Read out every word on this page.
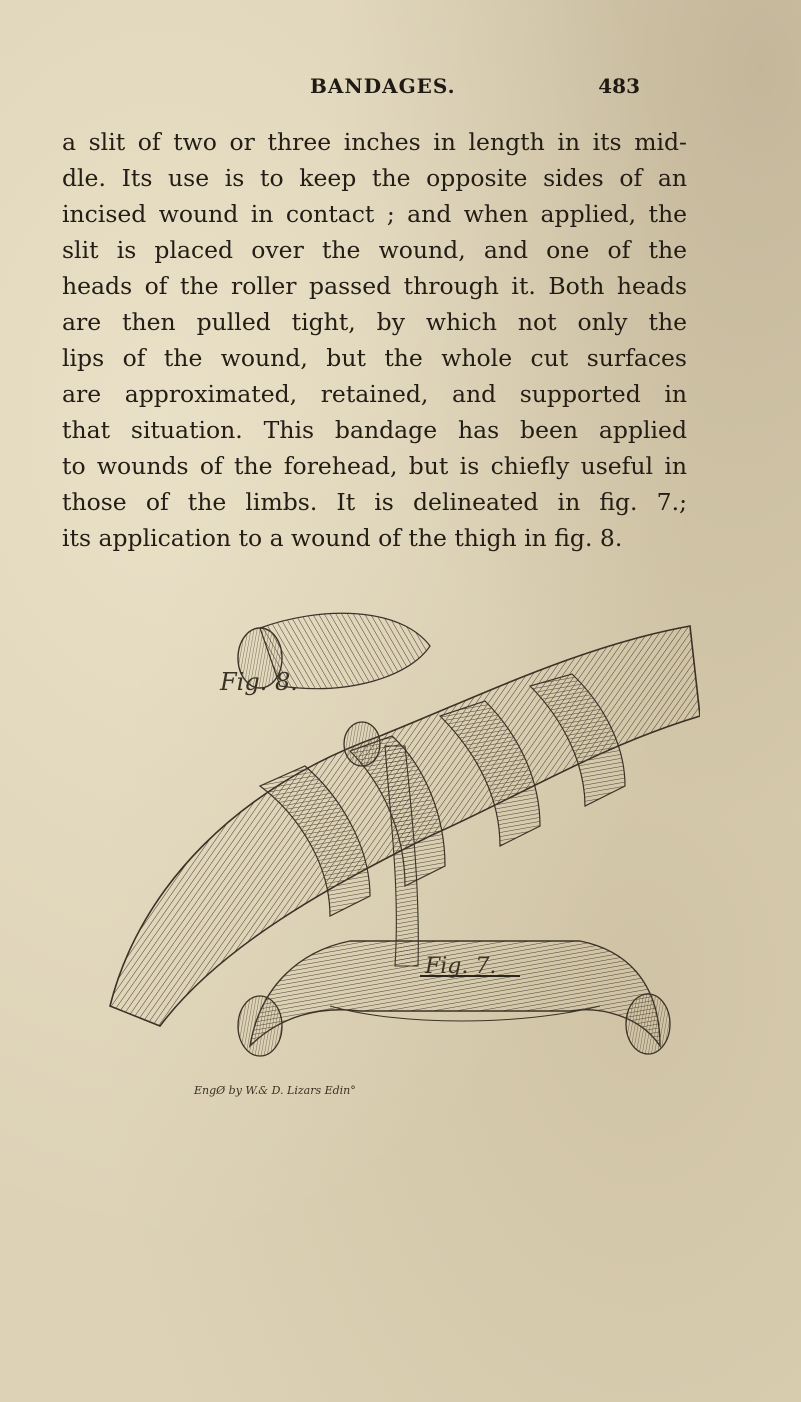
BANDAGES.	483
a slit of two or three inches in length in its mid-
dle. Its use is to keep the opposite sides of an
incised wound in contact ; and when applied, the
slit is placed over the wound, and one of the
heads of the roller passed through it. Both heads
are then pulled tight, by which not only the
lips of the wound, but the whole cut surfaces
are approximated, retained, and supported in
that situation. This bandage has been applied
to wounds of the forehead, but is chiefly useful in
those of the limbs. It is delineated in fig. 7.;
its application to a wound of the thigh in fig. 8.
Fig. 8.
Fig. 7.
EngØ by W.& D. Lizars Edin°
